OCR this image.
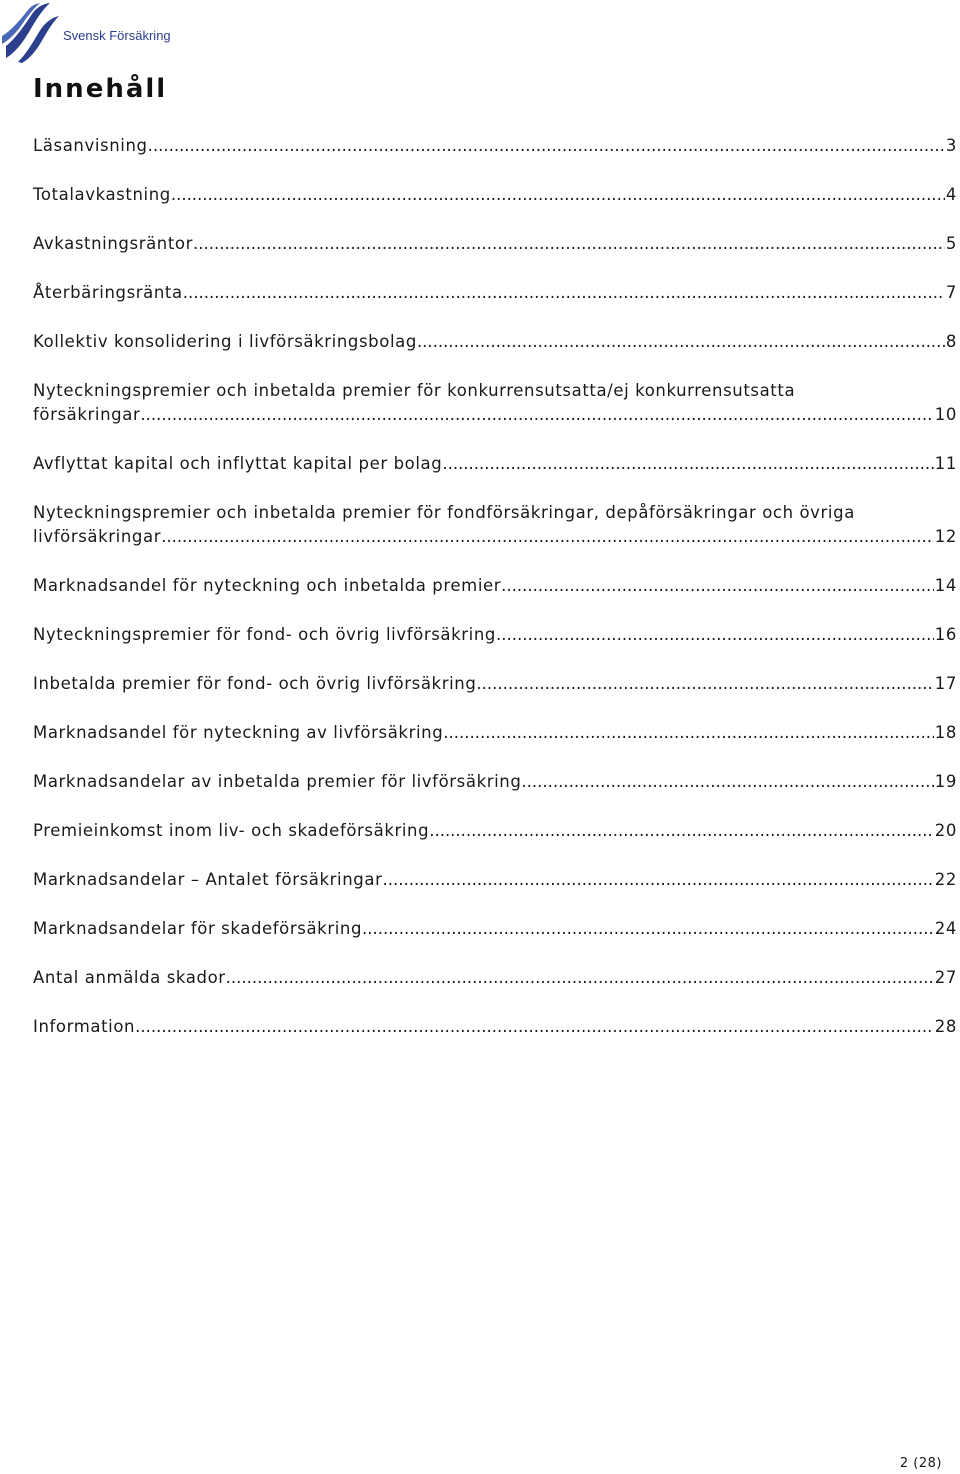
Svensk Försäkring
Innehåll
Läsanvisning .....	3
Totalavkastning .....	4
Avkastningsräntor .....	5
Återbäringsränta .....	7
Kollektiv konsolidering i livförsäkringsbolag .....	8
Nyteckningspremier och inbetalda premier för konkurrensutsatta/ej konkurrensutsatta
försäkringar .....	10
Avflyttat kapital och inflyttat kapital per bolag .....	11
Nyteckningspremier och inbetalda premier för fondförsäkringar, depåförsäkringar och övriga
livförsäkringar .....	12
Marknadsandel för nyteckning och inbetalda premier .....	14
Nyteckningspremier för fond- och övrig livförsäkring .....	16
Inbetalda premier för fond- och övrig livförsäkring .....	17
Marknadsandel för nyteckning av livförsäkring .....	18
Marknadsandelar av inbetalda premier för livförsäkring .....	19
Premieinkomst inom liv- och skadeförsäkring .....	20
Marknadsandelar – Antalet försäkringar .....	22
Marknadsandelar för skadeförsäkring .....	24
Antal anmälda skador .....	27
Information .....	28
2 (28)
